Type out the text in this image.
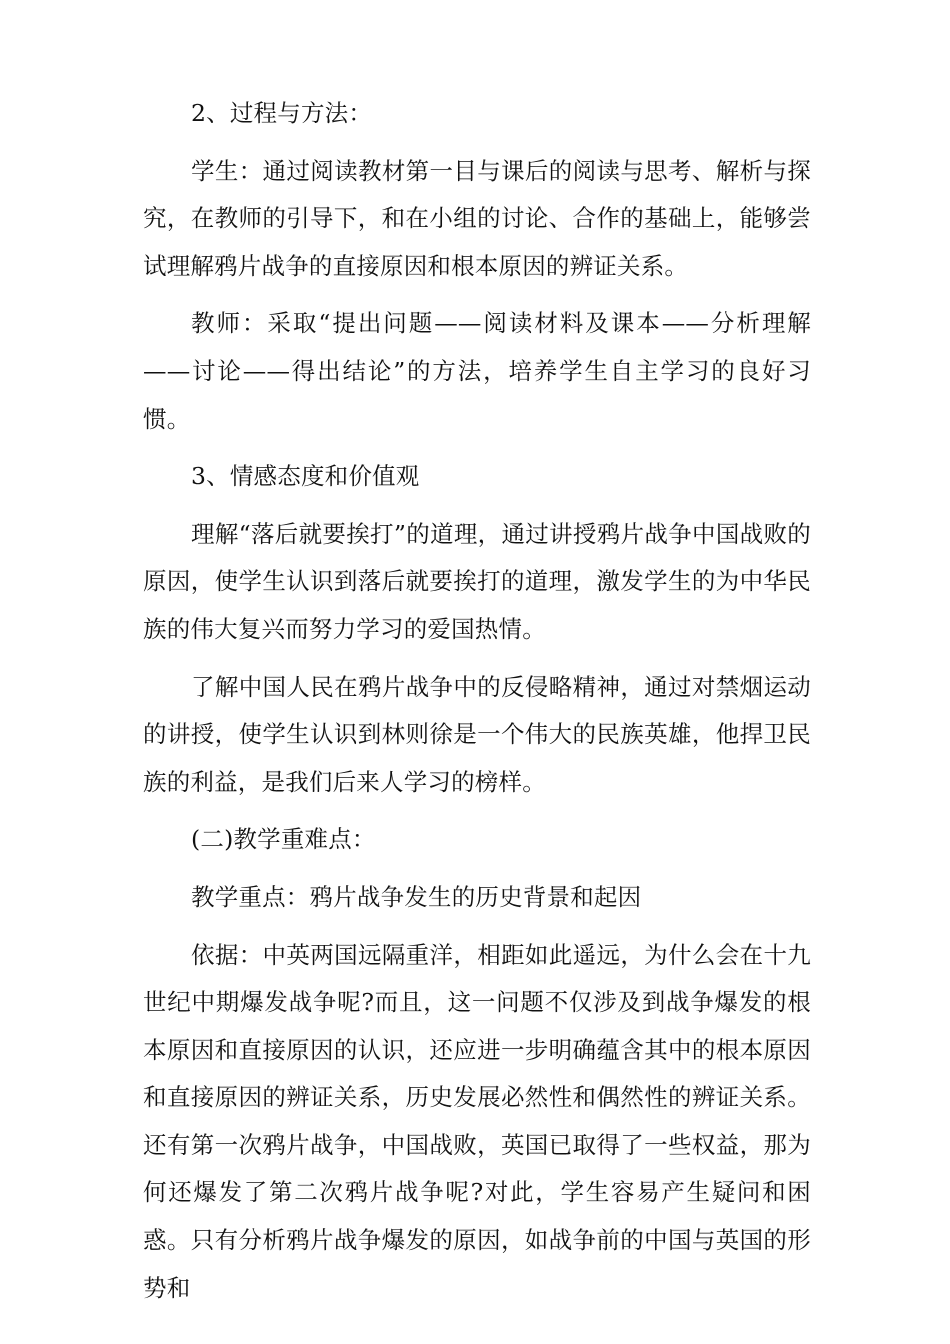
2、过程与方法：

学生：通过阅读教材第一目与课后的阅读与思考、解析与探究，在教师的引导下，和在小组的讨论、合作的基础上，能够尝试理解鸦片战争的直接原因和根本原因的辨证关系。

教师：采取“提出问题——阅读材料及课本——分析理解——讨论——得出结论”的方法，培养学生自主学习的良好习惯。

3、情感态度和价值观

理解“落后就要挨打”的道理，通过讲授鸦片战争中国战败的原因，使学生认识到落后就要挨打的道理，激发学生的为中华民族的伟大复兴而努力学习的爱国热情。

了解中国人民在鸦片战争中的反侵略精神，通过对禁烟运动的讲授，使学生认识到林则徐是一个伟大的民族英雄，他捍卫民族的利益，是我们后来人学习的榜样。

(二)教学重难点：

教学重点：鸦片战争发生的历史背景和起因

依据：中英两国远隔重洋，相距如此遥远，为什么会在十九世纪中期爆发战争呢?而且，这一问题不仅涉及到战争爆发的根本原因和直接原因的认识，还应进一步明确蕴含其中的根本原因和直接原因的辨证关系，历史发展必然性和偶然性的辨证关系。还有第一次鸦片战争，中国战败，英国已取得了一些权益，那为何还爆发了第二次鸦片战争呢?对此，学生容易产生疑问和困惑。只有分析鸦片战争爆发的原因，如战争前的中国与英国的形势和
